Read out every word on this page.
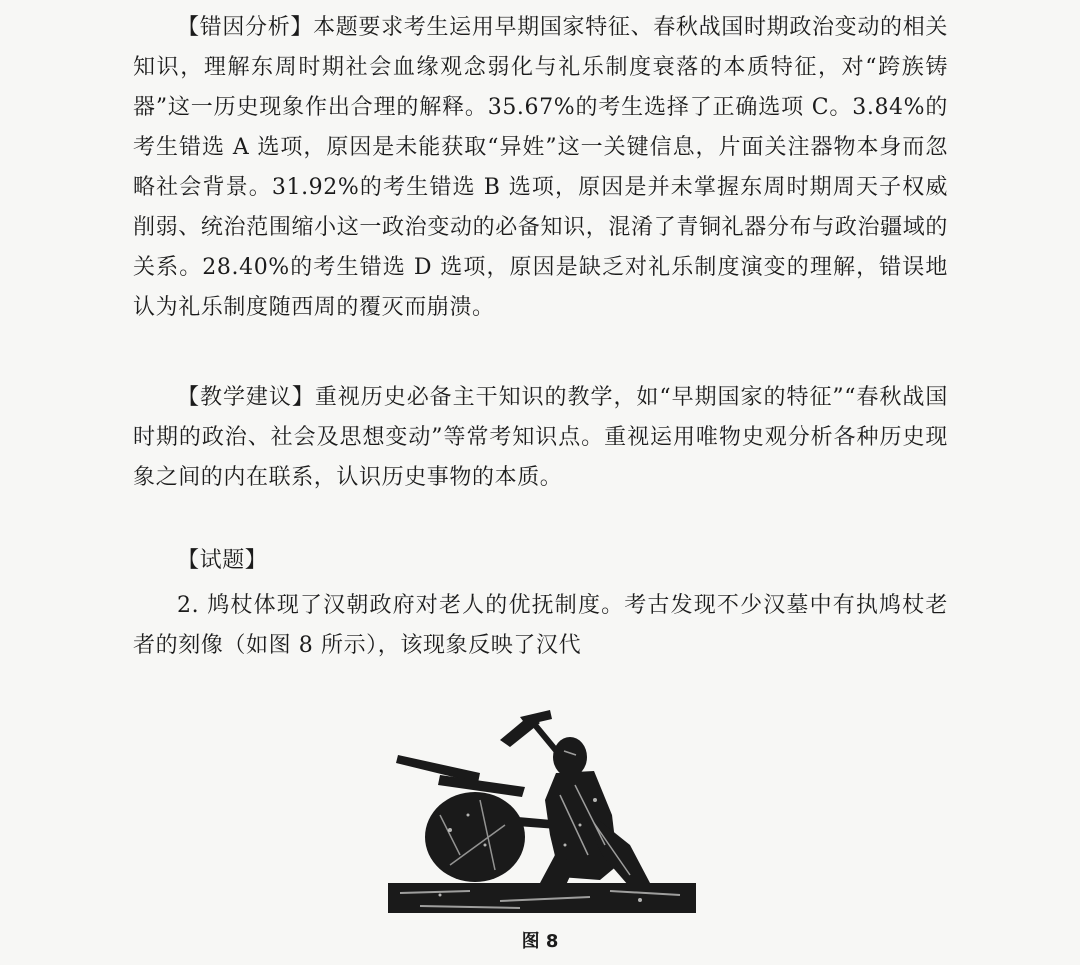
【错因分析】本题要求考生运用早期国家特征、春秋战国时期政治变动的相关知识，理解东周时期社会血缘观念弱化与礼乐制度衰落的本质特征，对“跨族铸器”这一历史现象作出合理的解释。35.67%的考生选择了正确选项 C。3.84%的考生错选 A 选项，原因是未能获取“异姓”这一关键信息，片面关注器物本身而忽略社会背景。31.92%的考生错选 B 选项，原因是并未掌握东周时期周天子权威削弱、统治范围缩小这一政治变动的必备知识，混淆了青铜礼器分布与政治疆域的关系。28.40%的考生错选 D 选项，原因是缺乏对礼乐制度演变的理解，错误地认为礼乐制度随西周的覆灭而崩溃。

【教学建议】重视历史必备主干知识的教学，如“早期国家的特征”“春秋战国时期的政治、社会及思想变动”等常考知识点。重视运用唯物史观分析各种历史现象之间的内在联系，认识历史事物的本质。

【试题】

2. 鸠杖体现了汉朝政府对老人的优抚制度。考古发现不少汉墓中有执鸠杖老者的刻像（如图 8 所示），该现象反映了汉代

图 8
